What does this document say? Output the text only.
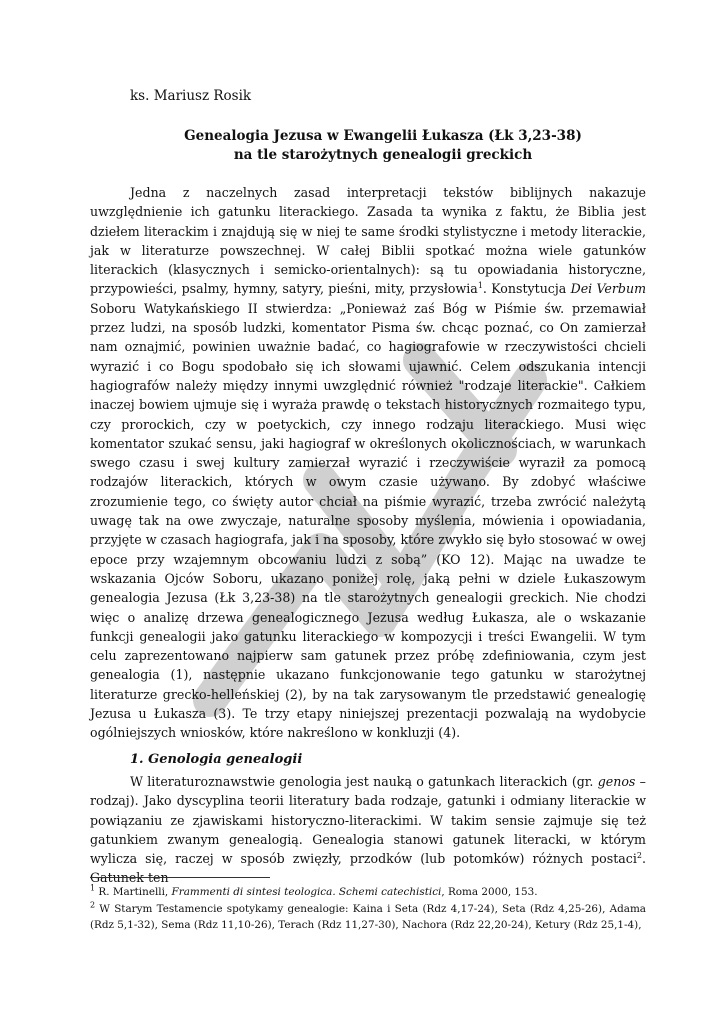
ks. Mariusz Rosik
Genealogia Jezusa w Ewangelii Łukasza (Łk 3,23-38)
na tle starożytnych genealogii greckich

Jedna z naczelnych zasad interpretacji tekstów biblijnych nakazuje uwzględnienie ich gatunku literackiego. Zasada ta wynika z faktu, że Biblia jest dziełem literackim i znajdują się w niej te same środki stylistyczne i metody literackie, jak w literaturze powszechnej. W całej Biblii spotkać można wiele gatunków literackich (klasycznych i semicko-orientalnych): są tu opowiadania historyczne, przypowieści, psalmy, hymny, satyry, pieśni, mity, przysłowia$^1$. Konstytucja Dei Verbum Soboru Watykańskiego II stwierdza: „Ponieważ zaś Bóg w Piśmie św. przemawiał przez ludzi, na sposób ludzki, komentator Pisma św. chcąc poznać, co On zamierzał nam oznajmić, powinien uważnie badać, co hagiografowie w rzeczywistości chcieli wyrazić i co Bogu spodobało się ich słowami ujawnić. Celem odszukania intencji hagiografów należy między innymi uwzględnić również "rodzaje literackie". Całkiem inaczej bowiem ujmuje się i wyraża prawdę o tekstach historycznych rozmaitego typu, czy prorockich, czy w poetyckich, czy innego rodzaju literackiego. Musi więc komentator szukać sensu, jaki hagiograf w określonych okolicznościach, w warunkach swego czasu i swej kultury zamierzał wyrazić i rzeczywiście wyraził za pomocą rodzajów literackich, których w owym czasie używano. By zdobyć właściwe zrozumienie tego, co święty autor chciał na piśmie wyrazić, trzeba zwrócić należytą uwagę tak na owe zwyczaje, naturalne sposoby myślenia, mówienia i opowiadania, przyjęte w czasach hagiografa, jak i na sposoby, które zwykło się było stosować w owej epoce przy wzajemnym obcowaniu ludzi z sobą” (KO 12). Mając na uwadze te wskazania Ojców Soboru, ukazano poniżej rolę, jaką pełni w dziele Łukaszowym genealogia Jezusa (Łk 3,23-38) na tle starożytnych genealogii greckich. Nie chodzi więc o analizę drzewa genealogicznego Jezusa według Łukasza, ale o wskazanie funkcji genealogii jako gatunku literackiego w kompozycji i treści Ewangelii. W tym celu zaprezentowano najpierw sam gatunek przez próbę zdefiniowania, czym jest genealogia (1), następnie ukazano funkcjonowanie tego gatunku w starożytnej literaturze grecko-helleńskiej (2), by na tak zarysowanym tle przedstawić genealogię Jezusa u Łukasza (3). Te trzy etapy niniejszej prezentacji pozwalają na wydobycie ogólniejszych wniosków, które nakreślono w konkluzji (4).

1. Genologia genealogii

W literaturoznawstwie genologia jest nauką o gatunkach literackich (gr. genos – rodzaj). Jako dyscyplina teorii literatury bada rodzaje, gatunki i odmiany literackie w powiązaniu ze zjawiskami historyczno-literackimi. W takim sensie zajmuje się też gatunkiem zwanym genealogią. Genealogia stanowi gatunek literacki, w którym wylicza się, raczej w sposób zwięzły, przodków (lub potomków) różnych postaci$^2$. Gatunek ten

$^1$ R. Martinelli, Frammenti di sintesi teologica. Schemi catechistici, Roma 2000, 153.

$^2$ W Starym Testamencie spotykamy genealogie: Kaina i Seta (Rdz 4,17-24), Seta (Rdz 4,25-26), Adama (Rdz 5,1-32), Sema (Rdz 11,10-26), Terach (Rdz 11,27-30), Nachora (Rdz 22,20-24), Ketury (Rdz 25,1-4),
